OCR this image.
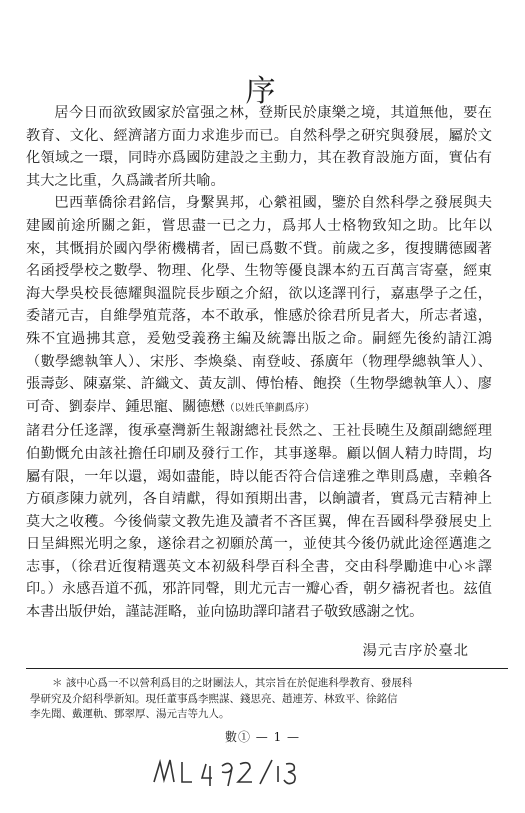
序

居今日而欲致國家於富强之林，登斯民於康樂之境，其道無他，要在教育、文化、經濟諸方面力求進步而已。自然科學之研究與發展，屬於文化領域之一環，同時亦爲國防建設之主動力，其在教育設施方面，實佔有其大之比重，久爲識者所共喻。

巴西華僑徐君銘信，身繫異邦，心縈祖國，鑒於自然科學之發展與夫建國前途所關之鉅，嘗思盡一已之力，爲邦人士格物致知之助。比年以來，其慨捐於國內學術機構者，固已爲數不貲。前歲之多，復搜購德國著名函授學校之數學、物理、化學、生物等優良課本約五百萬言寄臺，經東海大學吳校長德耀與溫院長步頤之介紹，欲以迻譯刊行，嘉惠學子之任，委諸元吉，自維學殖荒落，本不敢承，惟感於徐君所見者大，所志者遠，殊不宜過拂其意，爰勉受義務主編及統籌出版之命。嗣經先後約請江鴻（數學總執筆人）、宋彤、李煥燊、南登岐、孫廣年（物理學總執筆人）、張壽彭、陳嘉棠、許織文、黃友訓、傅怡椿、飽揆（生物學總執筆人）、廖可奇、劉泰岸、鍾思寵、關德懋（以姓氏筆劃爲序）

諸君分任迻譯，復承臺灣新生報謝總社長然之、王社長曉生及顏副總經理伯勤慨允由該社擔任印刷及發行工作，其事遂舉。顧以個人精力時間，均屬有限，一年以還，竭如盡能，時以能否符合信達雅之準則爲慮，幸賴各方碩彥陳力就列，各自靖獻，得如預期出書，以餉讀者，實爲元吉精神上莫大之收穫。今後倘蒙文教先進及讀者不吝匡翼，俾在吾國科學發展史上日呈緝熙光明之象，遂徐君之初願於萬一，並使其今後仍就此途徑邁進之志事，（徐君近復精選英文本初級科學百科全書，交由科學勵進中心＊譯印。）永感吾道不孤，邪許同聲，則尤元吉一瓣心香，朝夕禱祝者也。玆值本書出版伊始，謹誌涯略，並向協助譯印諸君子敬致感謝之忱。

湯元吉序於臺北
＊ 該中心爲一不以營利爲目的之財團法人，其宗旨在於促進科學教育、發展科
學研究及介紹科學新知。現任董事爲李熙謀、錢思亮、趙連芳、林致平、徐銘信
李先聞、戴運軌、鄧翠厚、湯元吉等九人。
數① — 1 —
